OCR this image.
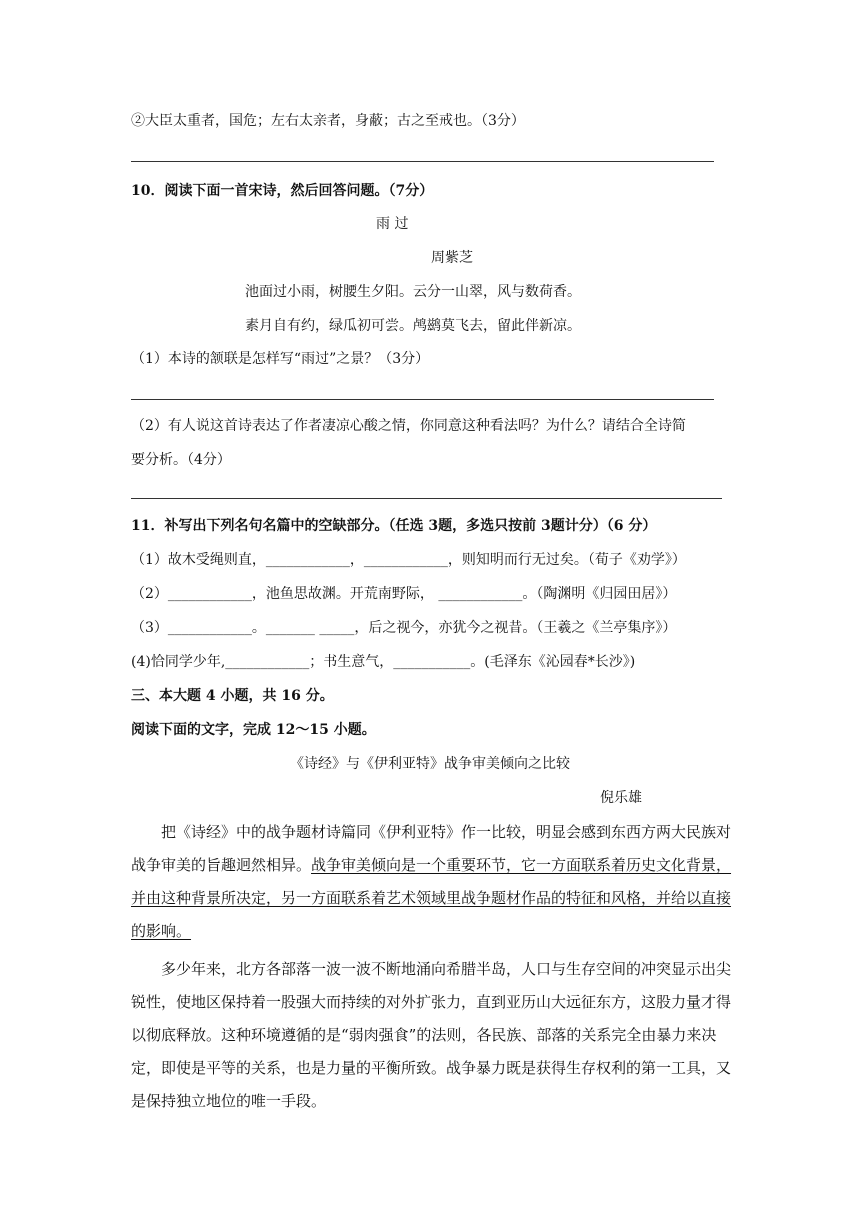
②大臣太重者，国危；左右太亲者，身蔽；古之至戒也。（3分）
10．阅读下面一首宋诗，然后回答问题。（7分）
雨 过
周紫芝
池面过小雨，树腰生夕阳。云分一山翠，风与数荷香。
素月自有约，绿瓜初可尝。鸬鹚莫飞去，留此伴新凉。
（1）本诗的颔联是怎样写“雨过”之景？（3分）
（2）有人说这首诗表达了作者凄凉心酸之情，你同意这种看法吗？为什么？请结合全诗简
要分析。（4分）
11．补写出下列名句名篇中的空缺部分。（任选 3题，多选只按前 3题计分）（6 分）
（1）故木受绳则直，____________，____________，则知明而行无过矣。（荀子《劝学》）
（2）____________，池鱼思故渊。开荒南野际， ____________。（陶渊明《归园田居》）
（3）____________。_______ _____，后之视今，亦犹今之视昔。（王羲之《兰亭集序》）
(4)恰同学少年,____________；书生意气，___________。(毛泽东《沁园春*长沙》)
三、本大题 4 小题，共 16 分。
阅读下面的文字，完成 12～15 小题。
《诗经》与《伊利亚特》战争审美倾向之比较
倪乐雄
把《诗经》中的战争题材诗篇同《伊利亚特》作一比较，明显会感到东西方两大民族对
战争审美的旨趣迥然相异。战争审美倾向是一个重要环节，它一方面联系着历史文化背景，
并由这种背景所决定，另一方面联系着艺术领域里战争题材作品的特征和风格，并给以直接
的影响。
多少年来，北方各部落一波一波不断地涌向希腊半岛，人口与生存空间的冲突显示出尖
锐性，使地区保持着一股强大而持续的对外扩张力，直到亚历山大远征东方，这股力量才得
以彻底释放。这种环境遵循的是“弱肉强食”的法则，各民族、部落的关系完全由暴力来决
定，即使是平等的关系，也是力量的平衡所致。战争暴力既是获得生存权利的第一工具，又
是保持独立地位的唯一手段。
